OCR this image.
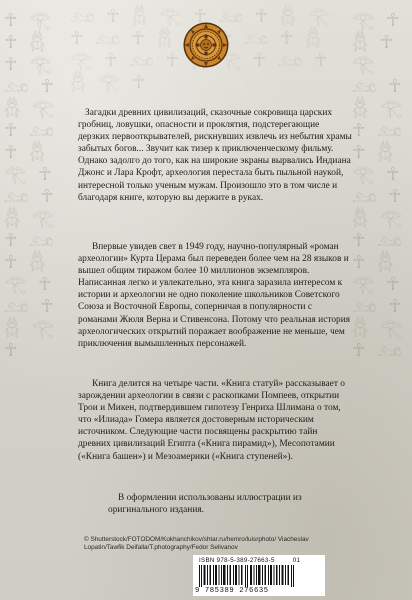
☥ 𓂀 ☥ 𓆣 ☥ 𓂀 𓃭 ☥ 𓆣 𓂀 ☥ 𓃭 ☥ 𓆣 𓂀 ☥ 𓃭 ☥ 𓆣 𓂀 ☥ 𓃭 ☥ 𓆣 𓂀 ☥ 𓃭 ☥ 𓆣 𓂀 ☥
𓂀 ☥ 𓆣 ☥ 𓂀 𓃭 ☥ 𓆣 𓂀 ☥ 𓃭 ☥ 𓆣 𓂀 ☥ 𓃭 ☥ 𓆣 𓂀 ☥ 𓃭 ☥ 𓆣 𓂀 ☥ 𓃭 ☥ 𓆣 𓂀 ☥ 𓃭
𓃭 ☥ 𓆣 𓂀 ☥ 𓃭 ☥ 𓆣 𓂀 ☥ 𓃭 ☥ 𓆣 𓃭 ☥ 𓆣 𓂀 ☥ 𓃭 ☥ 𓂀 ☥ 𓃭 ☥ 𓆣 𓂀 ☥

Загадки древних цивилизаций, сказочные сокровища царских гробниц, ловушки, опасности и проклятия, подстерегающие дерзких первооткрывателей, рискнувших извлечь из небытия храмы забытых богов... Звучит как тизер к приключенческому фильму. Однако задолго до того, как на широкие экраны вырвались Индиана Джонс и Лара Крофт, археология перестала быть пыльной наукой, интересной только ученым мужам. Произошло это в том числе и благодаря книге, которую вы держите в руках.

Впервые увидев свет в 1949 году, научно-популярный «роман археологии» Курта Церама был переведен более чем на 28 языков и вышел общим тиражом более 10 миллионов экземпляров. Написанная легко и увлекательно, эта книга заразила интересом к истории и археологии не одно поколение школьников Советского Союза и Восточной Европы, соперничая в популярности с романами Жюля Верна и Стивенсона. Потому что реальная история археологических открытий поражает воображение не меньше, чем приключения вымышленных персонажей.

Книга делится на четыре части. «Книга статуй» рассказывает о зарождении археологии в связи с раскопками Помпеев, открытии Трои и Микен, подтвердившем гипотезу Генриха Шлимана о том, что «Илиада» Гомера является достоверным историческим источником. Следующие части посвящены раскрытию тайн древних цивилизаций Египта («Книга пирамид»), Месопотамии («Книга башен») и Мезоамерики («Книга ступеней»).

В оформлении использованы иллюстрации из оригинального издания.

© Shutterstock/FOTODOM/Kokhanchikov/shtar.ru/hemro/luisrphoto/ Viacheslav Lopatin/Tawfik Deifalla/T.photography/Fedor Selivanov
ISBN 978-5-389-27663-5	01
9 785389 276635
